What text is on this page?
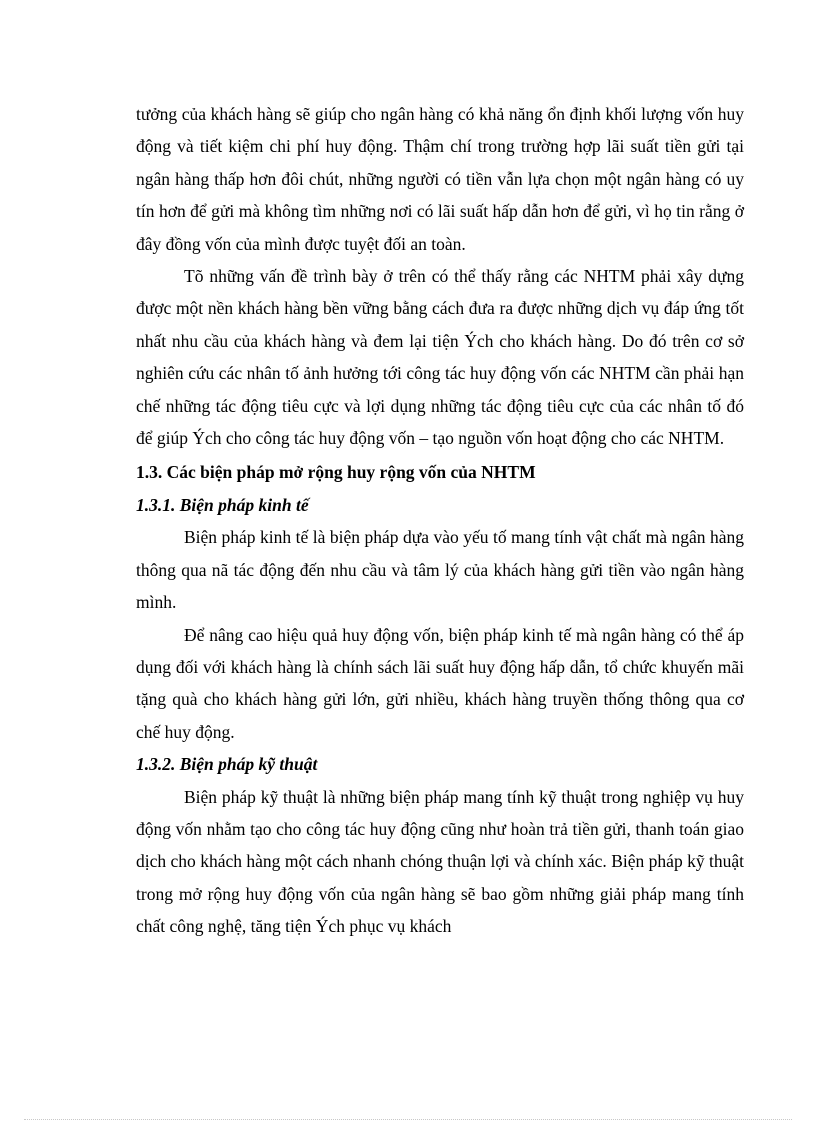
tưởng của khách hàng sẽ giúp cho ngân hàng có khả năng ổn định khối lượng vốn huy động và tiết kiệm chi phí huy động. Thậm chí trong trường hợp lãi suất tiền gửi tại ngân hàng thấp hơn đôi chút, những người có tiền vẫn lựa chọn một ngân hàng có uy tín hơn để gửi mà không tìm những nơi có lãi suất hấp dẫn hơn để gửi, vì họ tin rằng ở đây đồng vốn của mình được tuyệt đối an toàn.

Tõ những vấn đề trình bày ở trên có thể thấy rằng các NHTM phải xây dựng được một nền khách hàng bền vững bằng cách đưa ra được những dịch vụ đáp ứng tốt nhất nhu cầu của khách hàng và đem lại tiện Ých cho khách hàng. Do đó trên cơ sở nghiên cứu các nhân tố ảnh hưởng tới công tác huy động vốn các NHTM cần phải hạn chế những tác động tiêu cực và lợi dụng những tác động tiêu cực của các nhân tố đó để giúp Ých cho công tác huy động vốn – tạo nguồn vốn hoạt động cho các NHTM.

1.3. Các biện pháp mở rộng huy rộng vốn của NHTM
1.3.1. Biện pháp kinh tế

Biện pháp kinh tế là biện pháp dựa vào yếu tố mang tính vật chất mà ngân hàng thông qua nã tác động đến nhu cầu và tâm lý của khách hàng gửi tiền vào ngân hàng mình.

Để nâng cao hiệu quả huy động vốn, biện pháp kinh tế mà ngân hàng có thể áp dụng đối với khách hàng là chính sách lãi suất huy động hấp dẫn, tổ chức khuyến mãi tặng quà cho khách hàng gửi lớn, gửi nhiều, khách hàng truyền thống thông qua cơ chế huy động.

1.3.2. Biện pháp kỹ thuật

Biện pháp kỹ thuật là những biện pháp mang tính kỹ thuật trong nghiệp vụ huy động vốn nhằm tạo cho công tác huy động cũng như hoàn trả tiền gửi, thanh toán giao dịch cho khách hàng một cách nhanh chóng thuận lợi và chính xác. Biện pháp kỹ thuật trong mở rộng huy động vốn của ngân hàng sẽ bao gồm những giải pháp mang tính chất công nghệ, tăng tiện Ých phục vụ khách
